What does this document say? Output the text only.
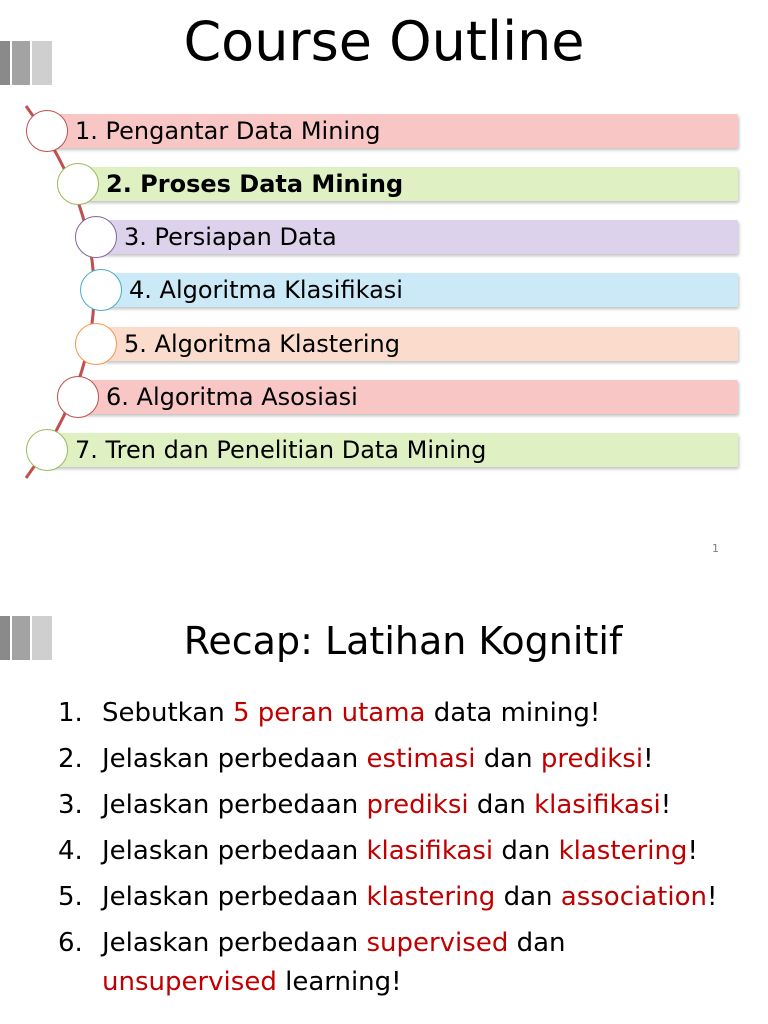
Course Outline
1. Pengantar Data Mining
2. Proses Data Mining
3. Persiapan Data
4. Algoritma Klasifikasi
5. Algoritma Klastering
6. Algoritma Asosiasi
7. Tren dan Penelitian Data Mining
1
Recap: Latihan Kognitif
1. Sebutkan 5 peran utama data mining!
2. Jelaskan perbedaan estimasi dan prediksi!
3. Jelaskan perbedaan prediksi dan klasifikasi!
4. Jelaskan perbedaan klasifikasi dan klastering!
5. Jelaskan perbedaan klastering dan association!
6. Jelaskan perbedaan supervised dan unsupervised learning!
